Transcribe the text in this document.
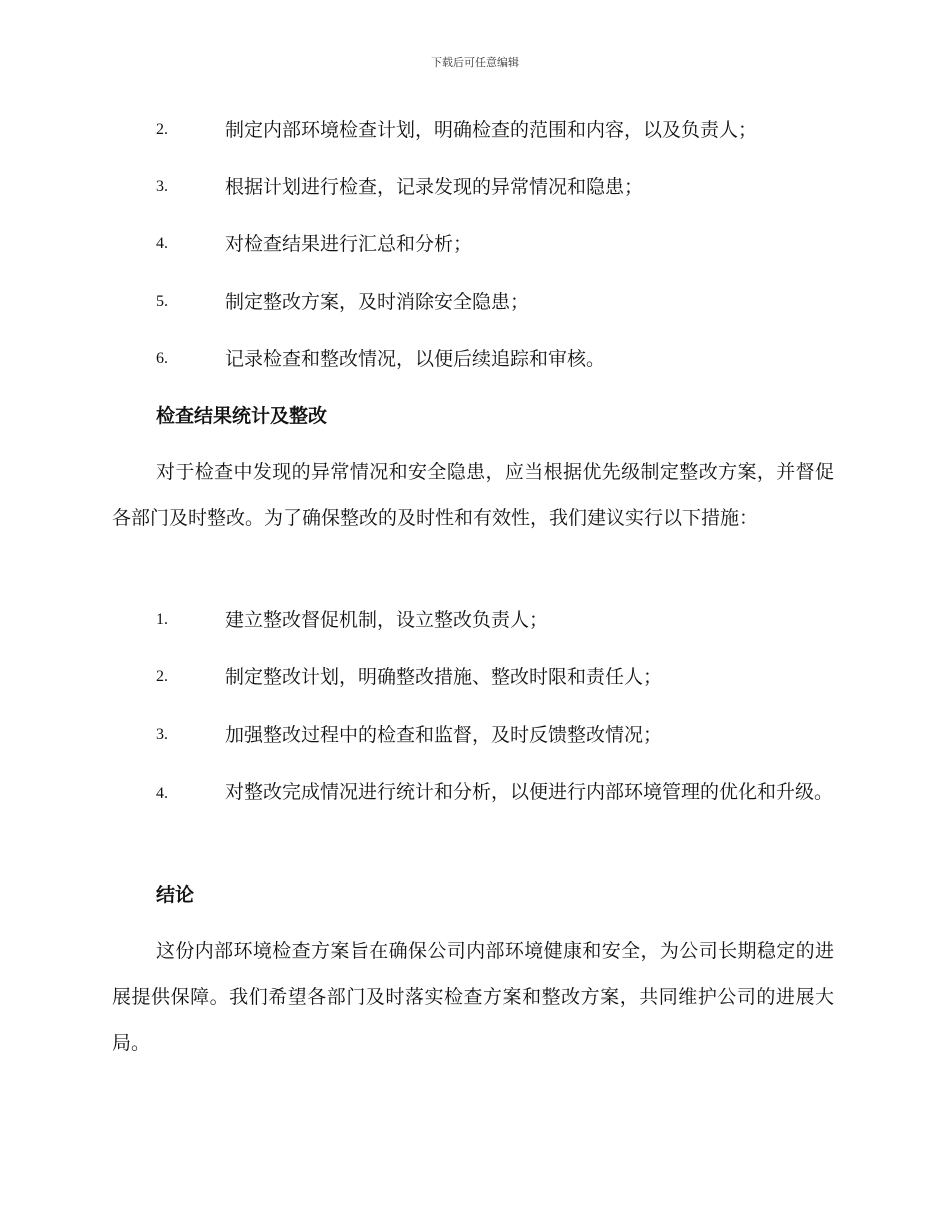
下载后可任意编辑
2.	制定内部环境检查计划，明确检查的范围和内容，以及负责人；
3.	根据计划进行检查，记录发现的异常情况和隐患；
4.	对检查结果进行汇总和分析；
5.	制定整改方案，及时消除安全隐患；
6.	记录检查和整改情况，以便后续追踪和审核。
检查结果统计及整改
对于检查中发现的异常情况和安全隐患，应当根据优先级制定整改方案，并督促各部门及时整改。为了确保整改的及时性和有效性，我们建议实行以下措施：
1.	建立整改督促机制，设立整改负责人；
2.	制定整改计划，明确整改措施、整改时限和责任人；
3.	加强整改过程中的检查和监督，及时反馈整改情况；
4.	对整改完成情况进行统计和分析，以便进行内部环境管理的优化和升级。
结论
这份内部环境检查方案旨在确保公司内部环境健康和安全，为公司长期稳定的进展提供保障。我们希望各部门及时落实检查方案和整改方案，共同维护公司的进展大局。
